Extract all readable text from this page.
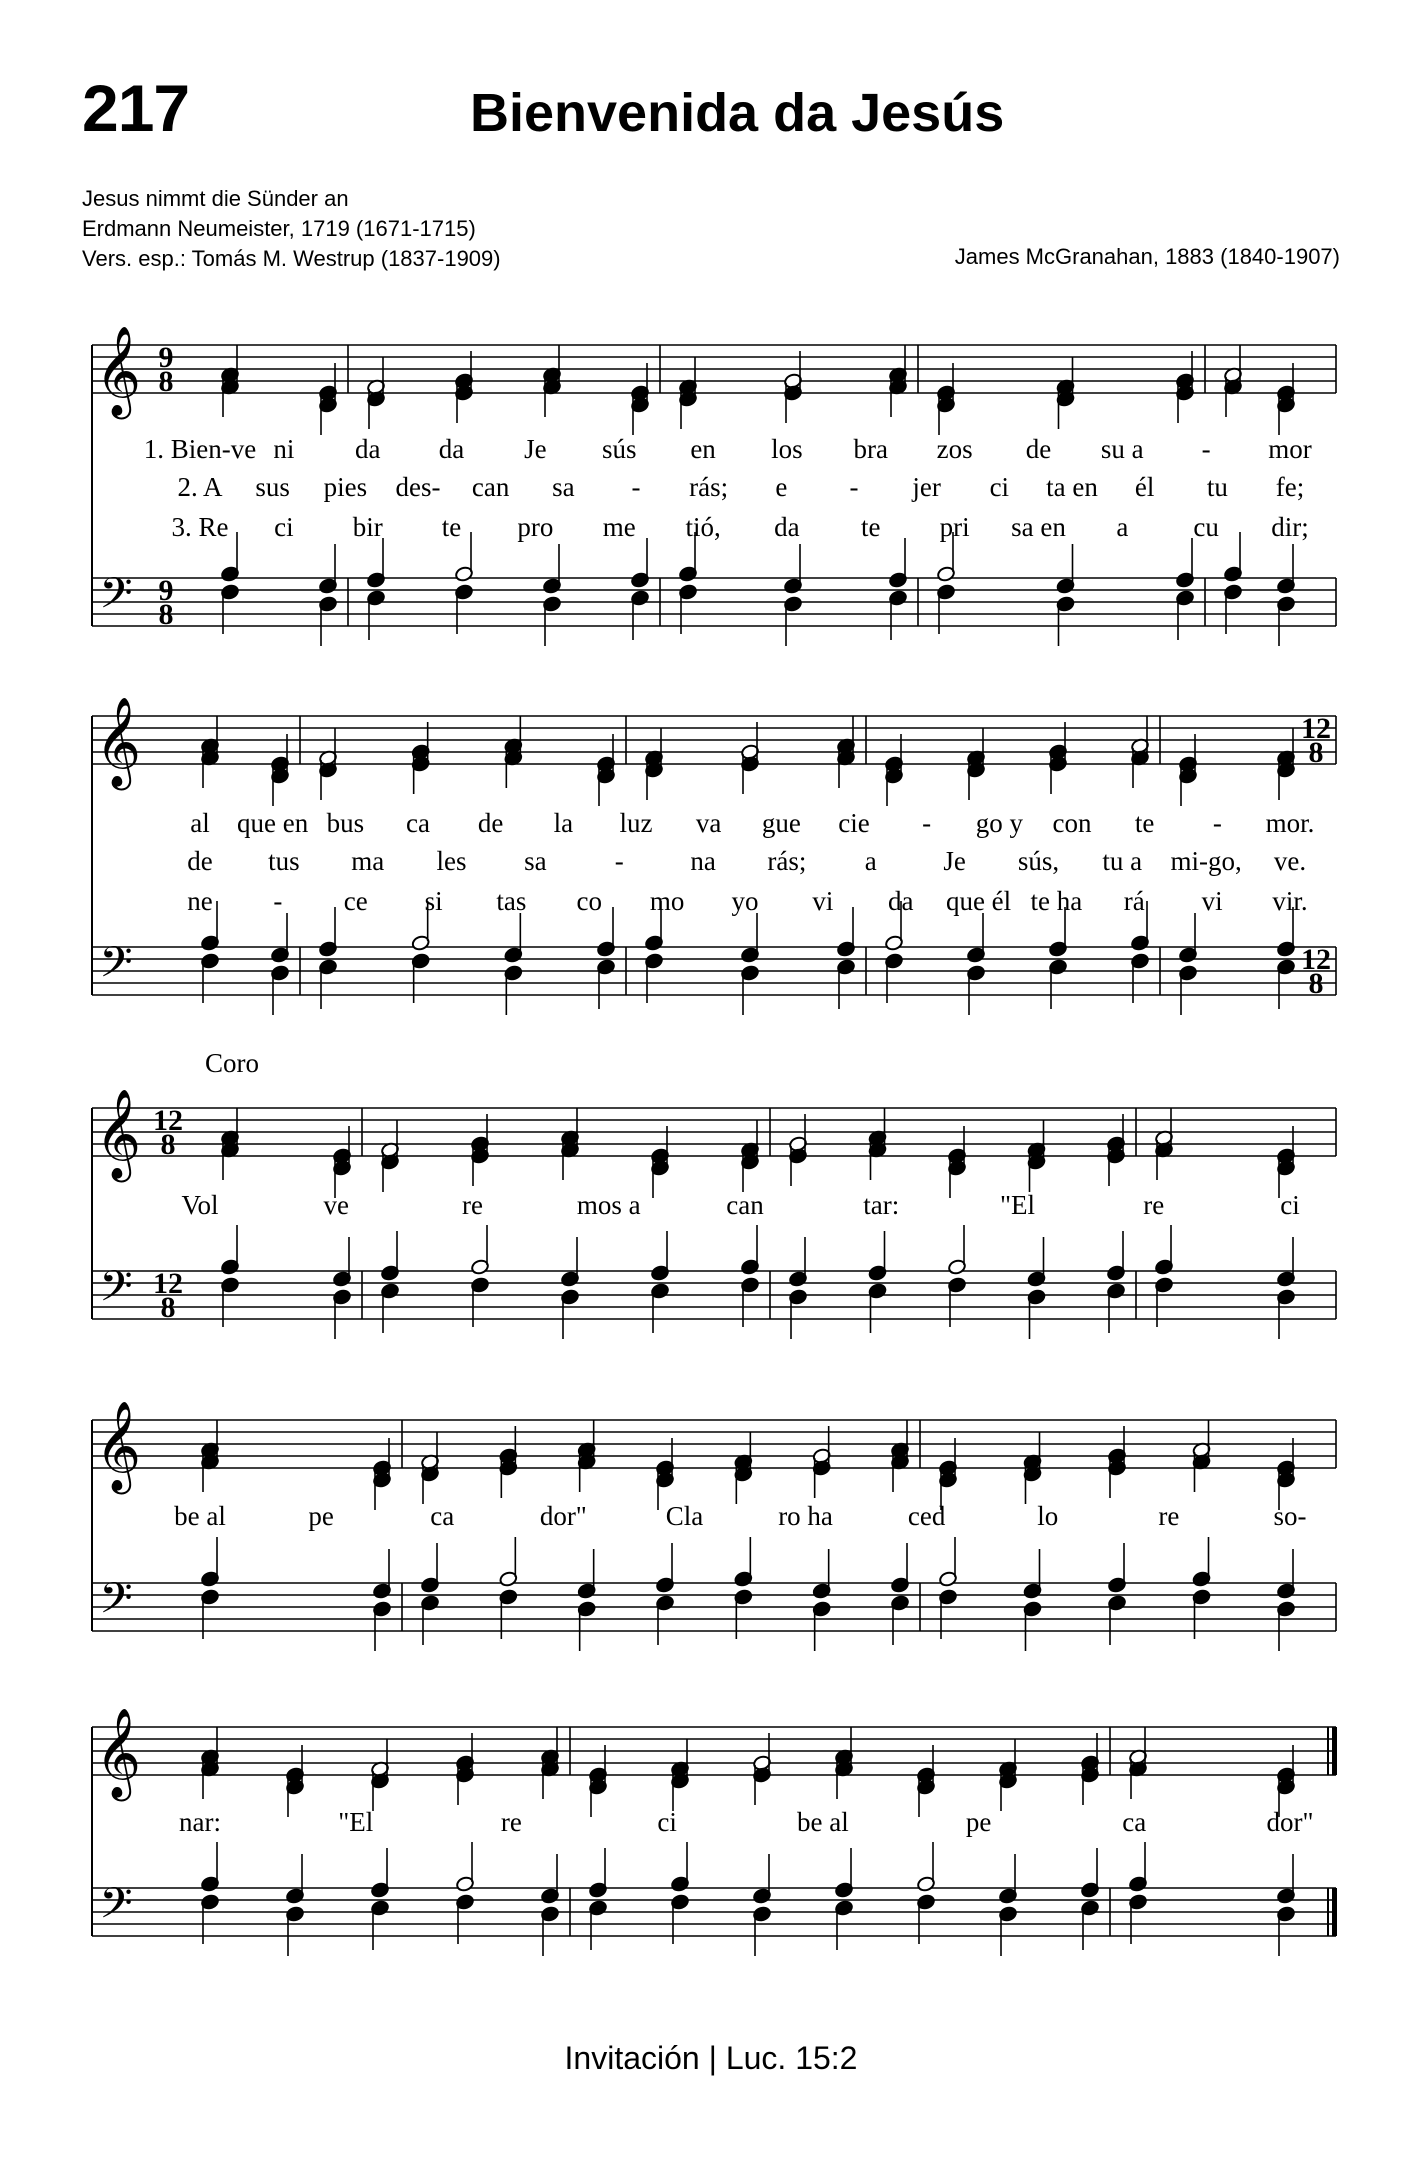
217	Bienvenida da Jesús
Jesus nimmt die Sünder an
Erdmann Neumeister, 1719 (1671-1715)
Vers. esp.: Tomás M. Westrup (1837-1909)	James McGranahan, 1883 (1840-1907)
𝄞
𝄢
9
8
9
8
1. Bien-ve ni da da Je sús en los bra zos de su a - mor
2. A sus pies des- can sa - rás; e - jer ci ta en él tu fe;
3. Re ci bir te pro me tió, da te pri sa en a cu dir;
𝄞
𝄢
12
8
12
8
al que en bus ca de la luz va gue cie - go y con te - mor.
de tus ma les sa	- na rás; a Je sús, tu a mi-go, ve.
ne - ce si tas co mo yo vi da que él te ha rá vi vir.
𝄞
𝄢
12
8
12
8
Vol	ve	re	mos a	can	tar:	"El	re	ci
𝄞
𝄢
be al	pe	ca	dor"	Cla	ro ha	ced	lo	re	so-
𝄞
𝄢
nar:	"El	re	ci	be al	pe	ca	dor"
Coro
Invitación | Luc. 15:2
